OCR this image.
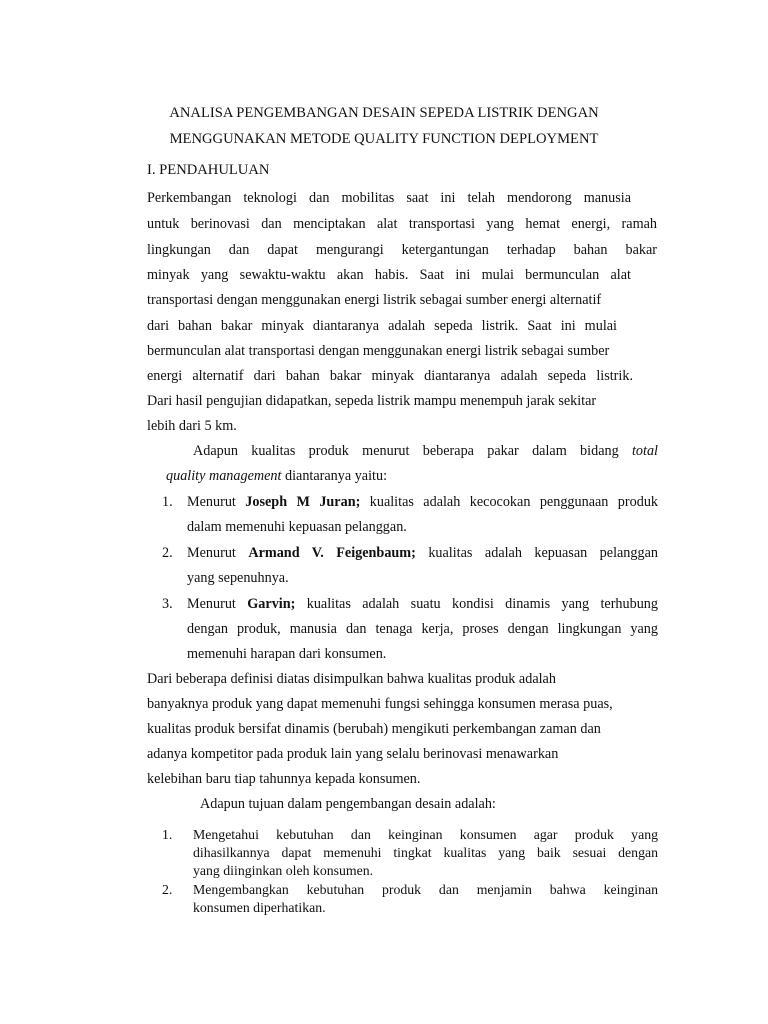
ANALISA PENGEMBANGAN DESAIN SEPEDA LISTRIK DENGAN
MENGGUNAKAN METODE QUALITY FUNCTION DEPLOYMENT
I. PENDAHULUAN
Perkembangan teknologi dan mobilitas saat ini telah mendorong manusia
untuk berinovasi dan menciptakan alat transportasi yang hemat energi, ramah
lingkungan dan dapat mengurangi ketergantungan terhadap bahan bakar
minyak yang sewaktu-waktu akan habis. Saat ini mulai bermunculan alat
transportasi dengan menggunakan energi listrik sebagai sumber energi alternatif
dari bahan bakar minyak diantaranya adalah sepeda listrik. Saat ini mulai
bermunculan alat transportasi dengan menggunakan energi listrik sebagai sumber
energi alternatif dari bahan bakar minyak diantaranya adalah sepeda listrik.
Dari hasil pengujian didapatkan, sepeda listrik mampu menempuh jarak sekitar
lebih dari 5 km.
Adapun kualitas produk menurut beberapa pakar dalam bidang total
quality management diantaranya yaitu:
1. Menurut Joseph M Juran; kualitas adalah kecocokan penggunaan produk
dalam memenuhi kepuasan pelanggan.
2. Menurut Armand V. Feigenbaum; kualitas adalah kepuasan pelanggan
yang sepenuhnya.
3. Menurut Garvin; kualitas adalah suatu kondisi dinamis yang terhubung
dengan produk, manusia dan tenaga kerja, proses dengan lingkungan yang
memenuhi harapan dari konsumen.
Dari beberapa definisi diatas disimpulkan bahwa kualitas produk adalah
banyaknya produk yang dapat memenuhi fungsi sehingga konsumen merasa puas,
kualitas produk bersifat dinamis (berubah) mengikuti perkembangan zaman dan
adanya kompetitor pada produk lain yang selalu berinovasi menawarkan
kelebihan baru tiap tahunnya kepada konsumen.
Adapun tujuan dalam pengembangan desain adalah:
1. Mengetahui kebutuhan dan keinginan konsumen agar produk yang
dihasilkannya dapat memenuhi tingkat kualitas yang baik sesuai dengan
yang diinginkan oleh konsumen.
2. Mengembangkan kebutuhan produk dan menjamin bahwa keinginan
konsumen diperhatikan.
